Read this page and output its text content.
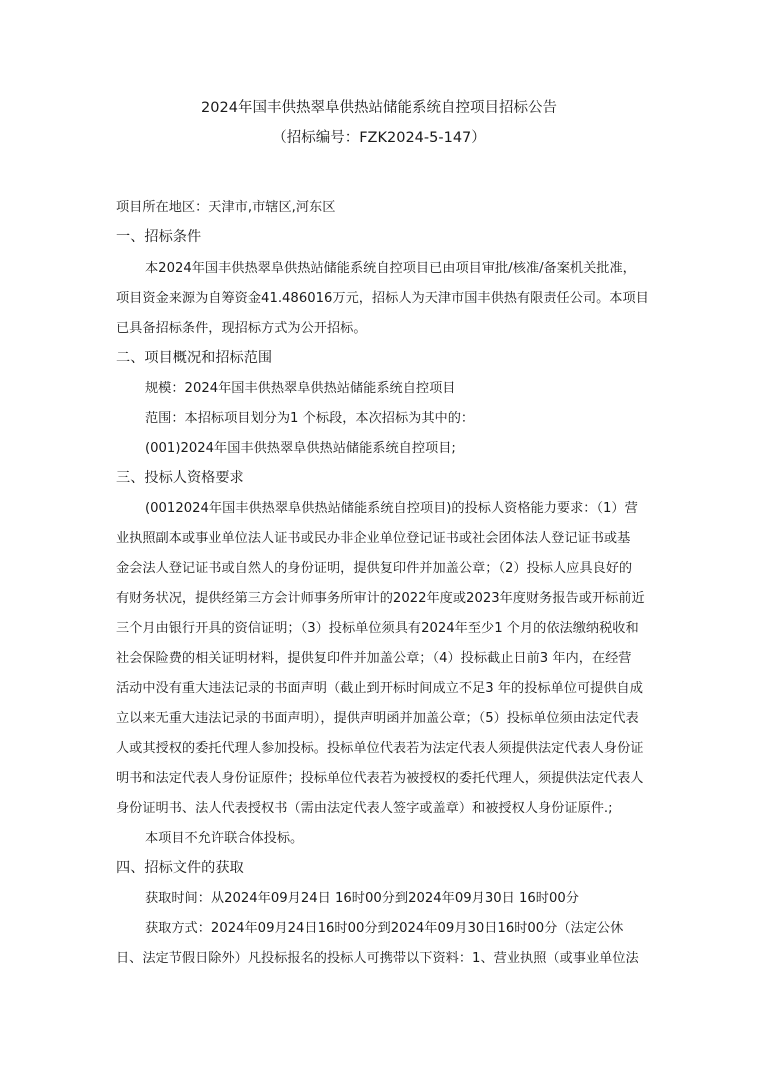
2024年国丰供热翠阜供热站储能系统自控项目招标公告
（招标编号：FZK2024-5-147）
项目所在地区：天津市,市辖区,河东区
一、招标条件
本2024年国丰供热翠阜供热站储能系统自控项目已由项目审批/核准/备案机关批准，
项目资金来源为自筹资金41.486016万元，招标人为天津市国丰供热有限责任公司。本项目
已具备招标条件，现招标方式为公开招标。
二、项目概况和招标范围
规模：2024年国丰供热翠阜供热站储能系统自控项目
范围：本招标项目划分为1 个标段，本次招标为其中的：
(001)2024年国丰供热翠阜供热站储能系统自控项目;
三、投标人资格要求
(0012024年国丰供热翠阜供热站储能系统自控项目)的投标人资格能力要求：（1）营
业执照副本或事业单位法人证书或民办非企业单位登记证书或社会团体法人登记证书或基
金会法人登记证书或自然人的身份证明，提供复印件并加盖公章；（2）投标人应具良好的
有财务状况，提供经第三方会计师事务所审计的2022年度或2023年度财务报告或开标前近
三个月由银行开具的资信证明；（3）投标单位须具有2024年至少1 个月的依法缴纳税收和
社会保险费的相关证明材料，提供复印件并加盖公章；（4）投标截止日前3 年内，在经营
活动中没有重大违法记录的书面声明（截止到开标时间成立不足3 年的投标单位可提供自成
立以来无重大违法记录的书面声明），提供声明函并加盖公章；（5）投标单位须由法定代表
人或其授权的委托代理人参加投标。投标单位代表若为法定代表人须提供法定代表人身份证
明书和法定代表人身份证原件；投标单位代表若为被授权的委托代理人，须提供法定代表人
身份证明书、法人代表授权书（需由法定代表人签字或盖章）和被授权人身份证原件.;
本项目不允许联合体投标。
四、招标文件的获取
获取时间：从2024年09月24日 16时00分到2024年09月30日 16时00分
获取方式：2024年09月24日16时00分到2024年09月30日16时00分（法定公休
日、法定节假日除外）凡投标报名的投标人可携带以下资料：1、营业执照（或事业单位法
